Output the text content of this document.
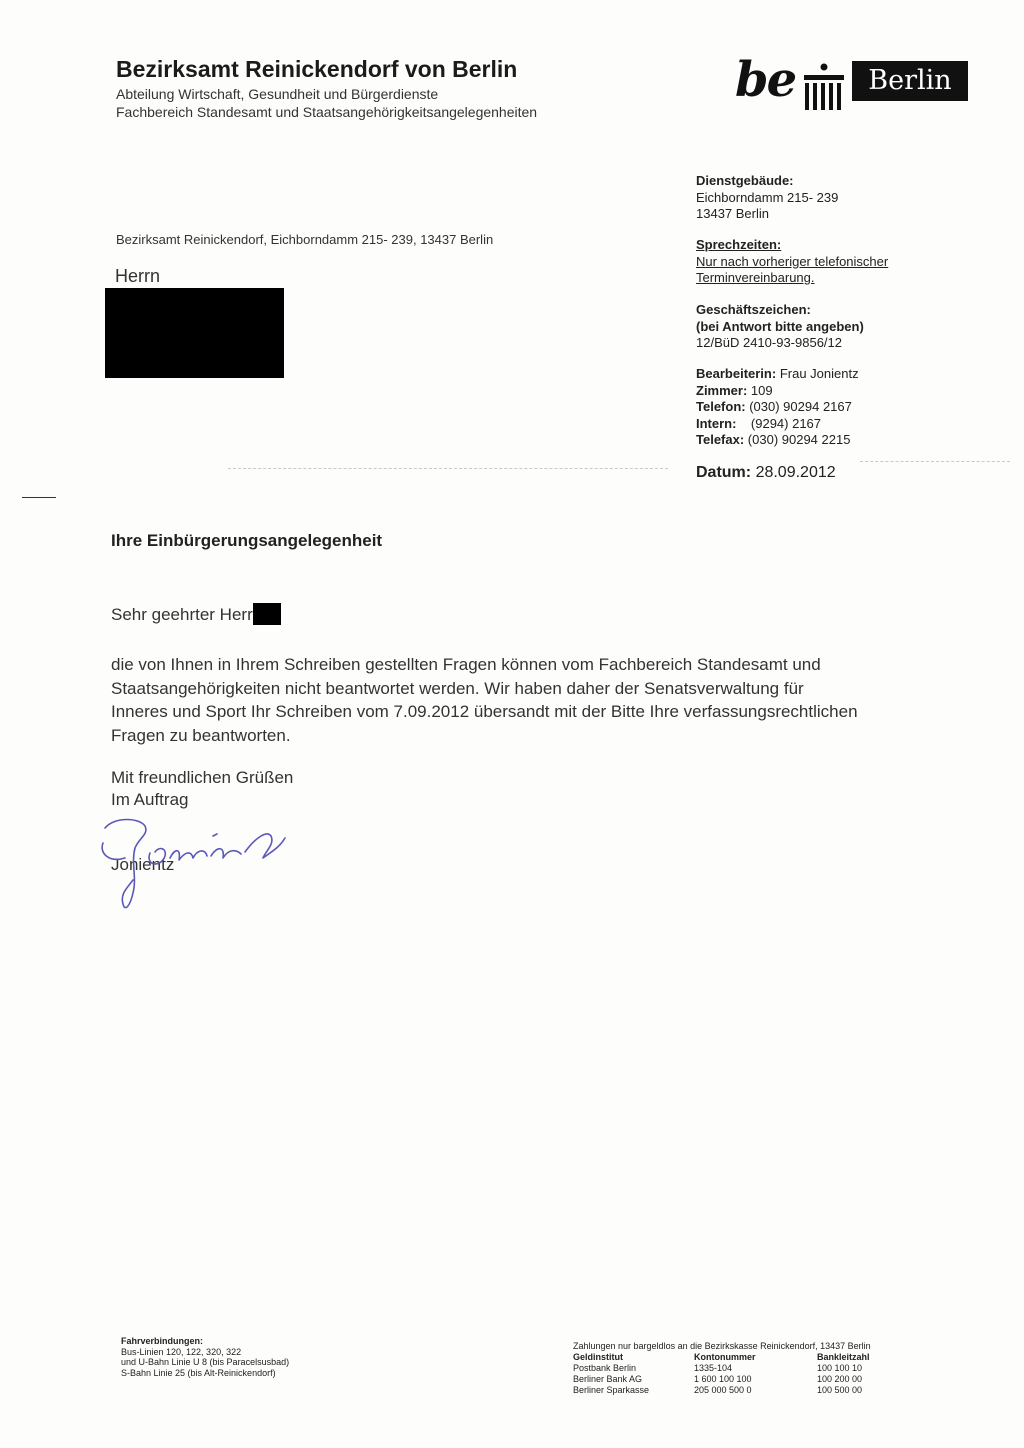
Bezirksamt Reinickendorf von Berlin
Abteilung Wirtschaft, Gesundheit und Bürgerdienste
Fachbereich Standesamt und Staatsangehörigkeitsangelegenheiten
be	Berlin
Bezirksamt Reinickendorf, Eichborndamm 215- 239, 13437 Berlin
Herrn
Dienstgebäude:
Eichborndamm 215- 239
13437 Berlin
Sprechzeiten:
Nur nach vorheriger telefonischer
Terminvereinbarung.
Geschäftszeichen:
(bei Antwort bitte angeben)
12/BüD 2410-93-9856/12
Bearbeiterin: Frau Jonientz
Zimmer: 109
Telefon: (030) 90294 2167
Intern: (9294) 2167
Telefax: (030) 90294 2215
Datum: 28.09.2012
Ihre Einbürgerungsangelegenheit
Sehr geehrter Herr
die von Ihnen in Ihrem Schreiben gestellten Fragen können vom Fachbereich Standesamt und
Staatsangehörigkeiten nicht beantwortet werden. Wir haben daher der Senatsverwaltung für
Inneres und Sport Ihr Schreiben vom 7.09.2012 übersandt mit der Bitte Ihre verfassungsrechtlichen
Fragen zu beantworten.
Mit freundlichen Grüßen
Im Auftrag
Jonientz
Fahrverbindungen:
Bus-Linien 120, 122, 320, 322
und U-Bahn Linie U 8 (bis Paracelsusbad)
S-Bahn Linie 25 (bis Alt-Reinickendorf)
Zahlungen nur bargeldlos an die Bezirkskasse Reinickendorf, 13437 Berlin
Geldinstitut	Kontonummer	Bankleitzahl
Postbank Berlin	1335-104	100 100 10
Berliner Bank AG	1 600 100 100	100 200 00
Berliner Sparkasse	205 000 500 0	100 500 00
